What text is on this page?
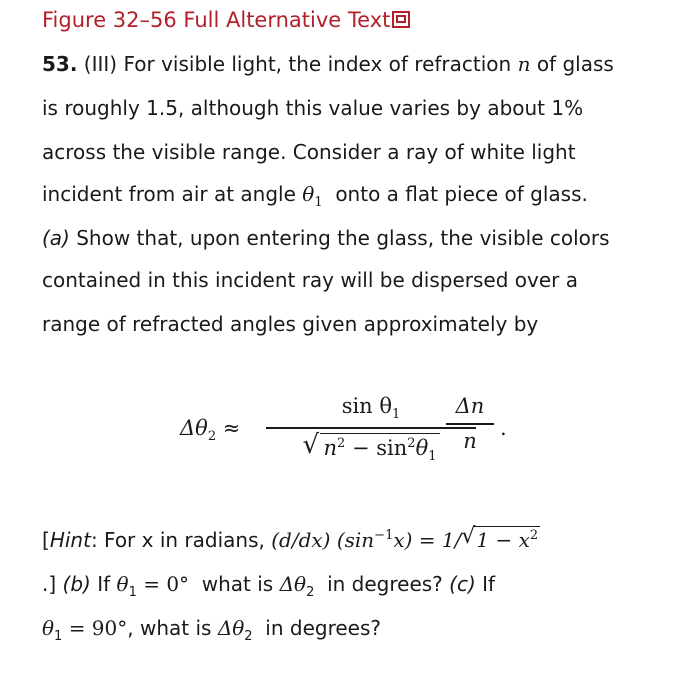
Figure 32–56 Full Alternative Text
53. (III) For visible light, the index of refraction n of glass
is roughly 1.5, although this value varies by about 1%
across the visible range. Consider a ray of white light
incident from air at angle $\theta_1$ onto a flat piece of glass.
(a) Show that, upon entering the glass, the visible colors
contained in this incident ray will be dispersed over a
range of refracted angles given approximately by
$\Delta\theta_2$ ≈
$\sin \theta_1$
√ $n^2 - \sin^2\theta_1$
Δn
n
.
[Hint: For x in radians, (d/dx) $(\sin^{-1}x) = 1/$ √ $1 - x^2$
.] (b) If $\theta_1 = 0^\circ$ what is $\Delta\theta_2$ in degrees? (c) If
$\theta_1 = 90^\circ$, what is $\Delta\theta_2$ in degrees?
